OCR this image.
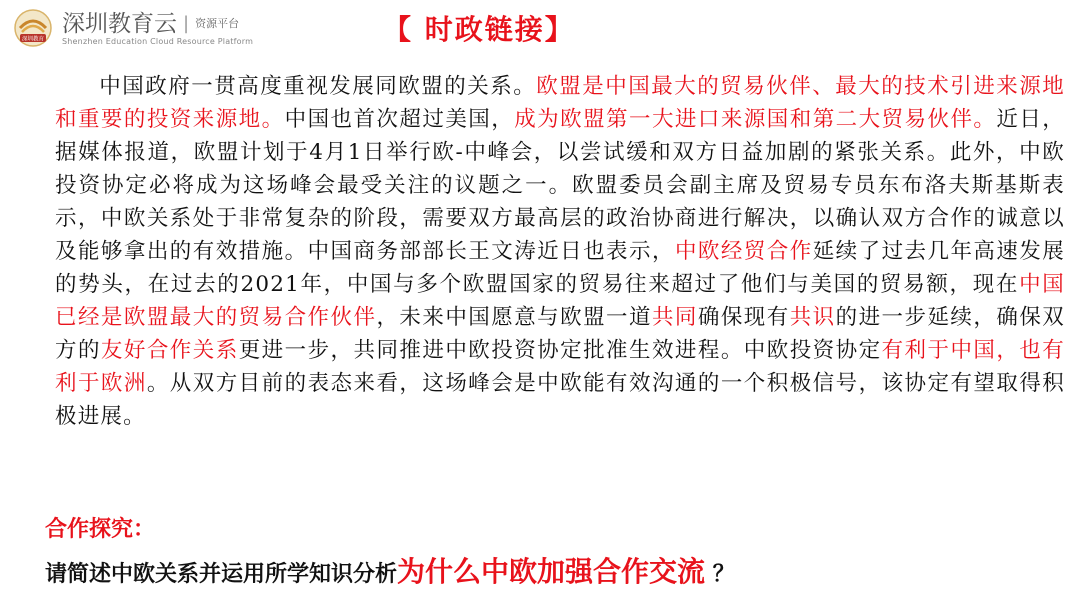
深圳教育
深圳教育云 | 资源平台
Shenzhen Education Cloud Resource Platform	【 时政链接】
中国政府一贯高度重视发展同欧盟的关系。欧盟是中国最大的贸易伙伴、最大的技术引进来源地和重要的投资来源地。中国也首次超过美国，成为欧盟第一大进口来源国和第二大贸易伙伴。近日，据媒体报道，欧盟计划于4月1日举行欧-中峰会，以尝试缓和双方日益加剧的紧张关系。此外，中欧投资协定必将成为这场峰会最受关注的议题之一。欧盟委员会副主席及贸易专员东布洛夫斯基斯表示，中欧关系处于非常复杂的阶段，需要双方最高层的政治协商进行解决，以确认双方合作的诚意以及能够拿出的有效措施。中国商务部部长王文涛近日也表示，中欧经贸合作延续了过去几年高速发展的势头，在过去的2021年，中国与多个欧盟国家的贸易往来超过了他们与美国的贸易额，现在中国已经是欧盟最大的贸易合作伙伴，未来中国愿意与欧盟一道共同确保现有共识的进一步延续，确保双方的友好合作关系更进一步，共同推进中欧投资协定批准生效进程。中欧投资协定有利于中国，也有利于欧洲。从双方目前的表态来看，这场峰会是中欧能有效沟通的一个积极信号，该协定有望取得积极进展。
合作探究：
请简述中欧关系并运用所学知识分析为什么中欧加强合作交流 ？
